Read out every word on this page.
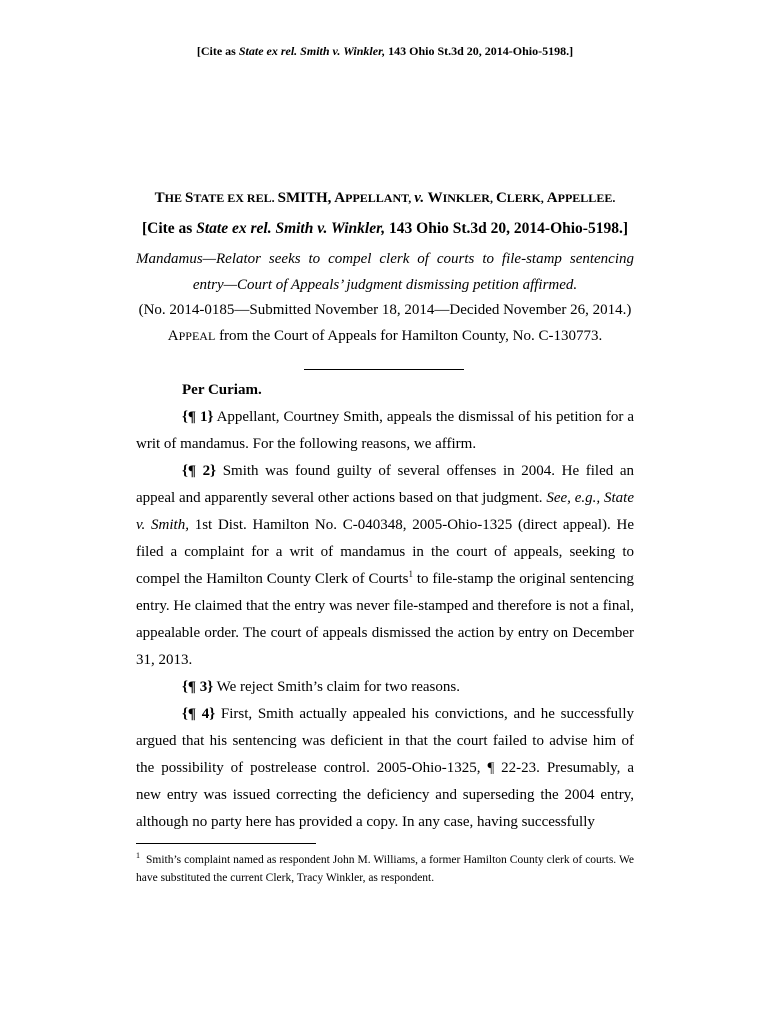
[Cite as State ex rel. Smith v. Winkler, 143 Ohio St.3d 20, 2014-Ohio-5198.]
THE STATE EX REL. SMITH, APPELLANT, v. WINKLER, CLERK, APPELLEE.
[Cite as State ex rel. Smith v. Winkler, 143 Ohio St.3d 20, 2014-Ohio-5198.]
Mandamus—Relator seeks to compel clerk of courts to file-stamp sentencing
entry—Court of Appeals’ judgment dismissing petition affirmed.
(No. 2014-0185—Submitted November 18, 2014—Decided November 26, 2014.)
APPEAL from the Court of Appeals for Hamilton County, No. C-130773.

Per Curiam.

{¶ 1} Appellant, Courtney Smith, appeals the dismissal of his petition for a writ of mandamus. For the following reasons, we affirm.

{¶ 2} Smith was found guilty of several offenses in 2004. He filed an appeal and apparently several other actions based on that judgment. See, e.g., State v. Smith, 1st Dist. Hamilton No. C-040348, 2005-Ohio-1325 (direct appeal). He filed a complaint for a writ of mandamus in the court of appeals, seeking to compel the Hamilton County Clerk of Courts$^1$ to file-stamp the original sentencing entry. He claimed that the entry was never file-stamped and therefore is not a final, appealable order. The court of appeals dismissed the action by entry on December 31, 2013.

{¶ 3} We reject Smith’s claim for two reasons.

{¶ 4} First, Smith actually appealed his convictions, and he successfully argued that his sentencing was deficient in that the court failed to advise him of the possibility of postrelease control. 2005-Ohio-1325, ¶ 22-23. Presumably, a new entry was issued correcting the deficiency and superseding the 2004 entry, although no party here has provided a copy. In any case, having successfully

$^1$ Smith’s complaint named as respondent John M. Williams, a former Hamilton County clerk of courts. We have substituted the current Clerk, Tracy Winkler, as respondent.
